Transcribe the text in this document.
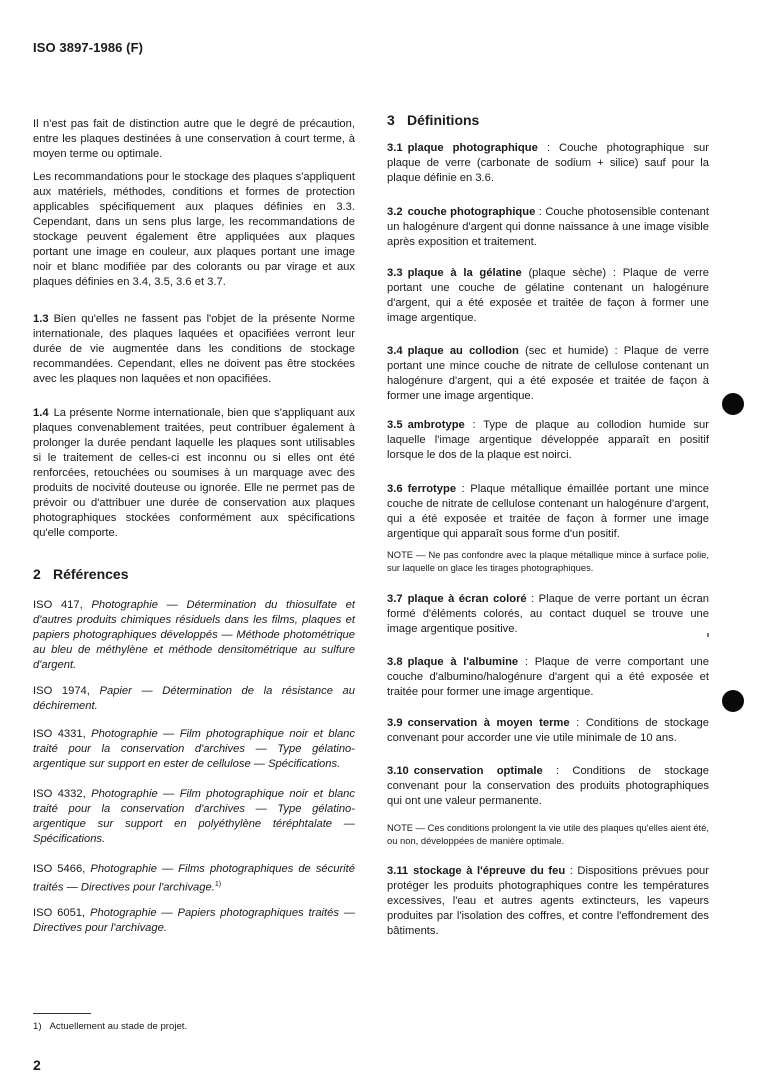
ISO 3897-1986 (F)

Il n'est pas fait de distinction autre que le degré de précaution, entre les plaques destinées à une conservation à court terme, à moyen terme ou optimale.

Les recommandations pour le stockage des plaques s'appliquent aux matériels, méthodes, conditions et formes de protection applicables spécifiquement aux plaques définies en 3.3. Cependant, dans un sens plus large, les recommandations de stockage peuvent également être appliquées aux plaques portant une image en couleur, aux plaques portant une image noir et blanc modifiée par des colorants ou par virage et aux plaques définies en 3.4, 3.5, 3.6 et 3.7.

1.3 Bien qu'elles ne fassent pas l'objet de la présente Norme internationale, des plaques laquées et opacifiées verront leur durée de vie augmentée dans les conditions de stockage recommandées. Cependant, elles ne doivent pas être stockées avec les plaques non laquées et non opacifiées.

1.4 La présente Norme internationale, bien que s'appliquant aux plaques convenablement traitées, peut contribuer également à prolonger la durée pendant laquelle les plaques sont utilisables si le traitement de celles-ci est inconnu ou si elles ont été renforcées, retouchées ou soumises à un marquage avec des produits de nocivité douteuse ou ignorée. Elle ne permet pas de prévoir ou d'attribuer une durée de conservation aux plaques photographiques stockées conformément aux spécifications qu'elle comporte.

2 Références

ISO 417, Photographie — Détermination du thiosulfate et d'autres produits chimiques résiduels dans les films, plaques et papiers photographiques développés — Méthode photométrique au bleu de méthylène et méthode densitométrique au sulfure d'argent.

ISO 1974, Papier — Détermination de la résistance au déchirement.

ISO 4331, Photographie — Film photographique noir et blanc traité pour la conservation d'archives — Type gélatino-argentique sur support en ester de cellulose — Spécifications.

ISO 4332, Photographie — Film photographique noir et blanc traité pour la conservation d'archives — Type gélatino-argentique sur support en polyéthylène téréphtalate — Spécifications.

ISO 5466, Photographie — Films photographiques de sécurité traités — Directives pour l'archivage.$^{1)}$

ISO 6051, Photographie — Papiers photographiques traités — Directives pour l'archivage.

3 Définitions

3.1 plaque photographique : Couche photographique sur plaque de verre (carbonate de sodium + silice) sauf pour la plaque définie en 3.6.

3.2 couche photographique : Couche photosensible contenant un halogénure d'argent qui donne naissance à une image visible après exposition et traitement.

3.3 plaque à la gélatine (plaque sèche) : Plaque de verre portant une couche de gélatine contenant un halogénure d'argent, qui a été exposée et traitée de façon à former une image argentique.

3.4 plaque au collodion (sec et humide) : Plaque de verre portant une mince couche de nitrate de cellulose contenant un halogénure d'argent, qui a été exposée et traitée de façon à former une image argentique.

3.5 ambrotype : Type de plaque au collodion humide sur laquelle l'image argentique développée apparaît en positif lorsque le dos de la plaque est noirci.

3.6 ferrotype : Plaque métallique émaillée portant une mince couche de nitrate de cellulose contenant un halogénure d'argent, qui a été exposée et traitée de façon à former une image argentique qui apparaît sous forme d'un positif.

NOTE — Ne pas confondre avec la plaque métallique mince à surface polie, sur laquelle on glace les tirages photographiques.

3.7 plaque à écran coloré : Plaque de verre portant un écran formé d'éléments colorés, au contact duquel se trouve une image argentique positive.

3.8 plaque à l'albumine : Plaque de verre comportant une couche d'albumino/halogénure d'argent qui a été exposée et traitée pour former une image argentique.

3.9 conservation à moyen terme : Conditions de stockage convenant pour accorder une vie utile minimale de 10 ans.

3.10 conservation optimale : Conditions de stockage convenant pour la conservation des produits photographiques qui ont une valeur permanente.

NOTE — Ces conditions prolongent la vie utile des plaques qu'elles aient été, ou non, développées de manière optimale.

3.11 stockage à l'épreuve du feu : Dispositions prévues pour protéger les produits photographiques contre les températures excessives, l'eau et autres agents extincteurs, les vapeurs produites par l'isolation des coffres, et contre l'effondrement des bâtiments.

1) Actuellement au stade de projet.
2
